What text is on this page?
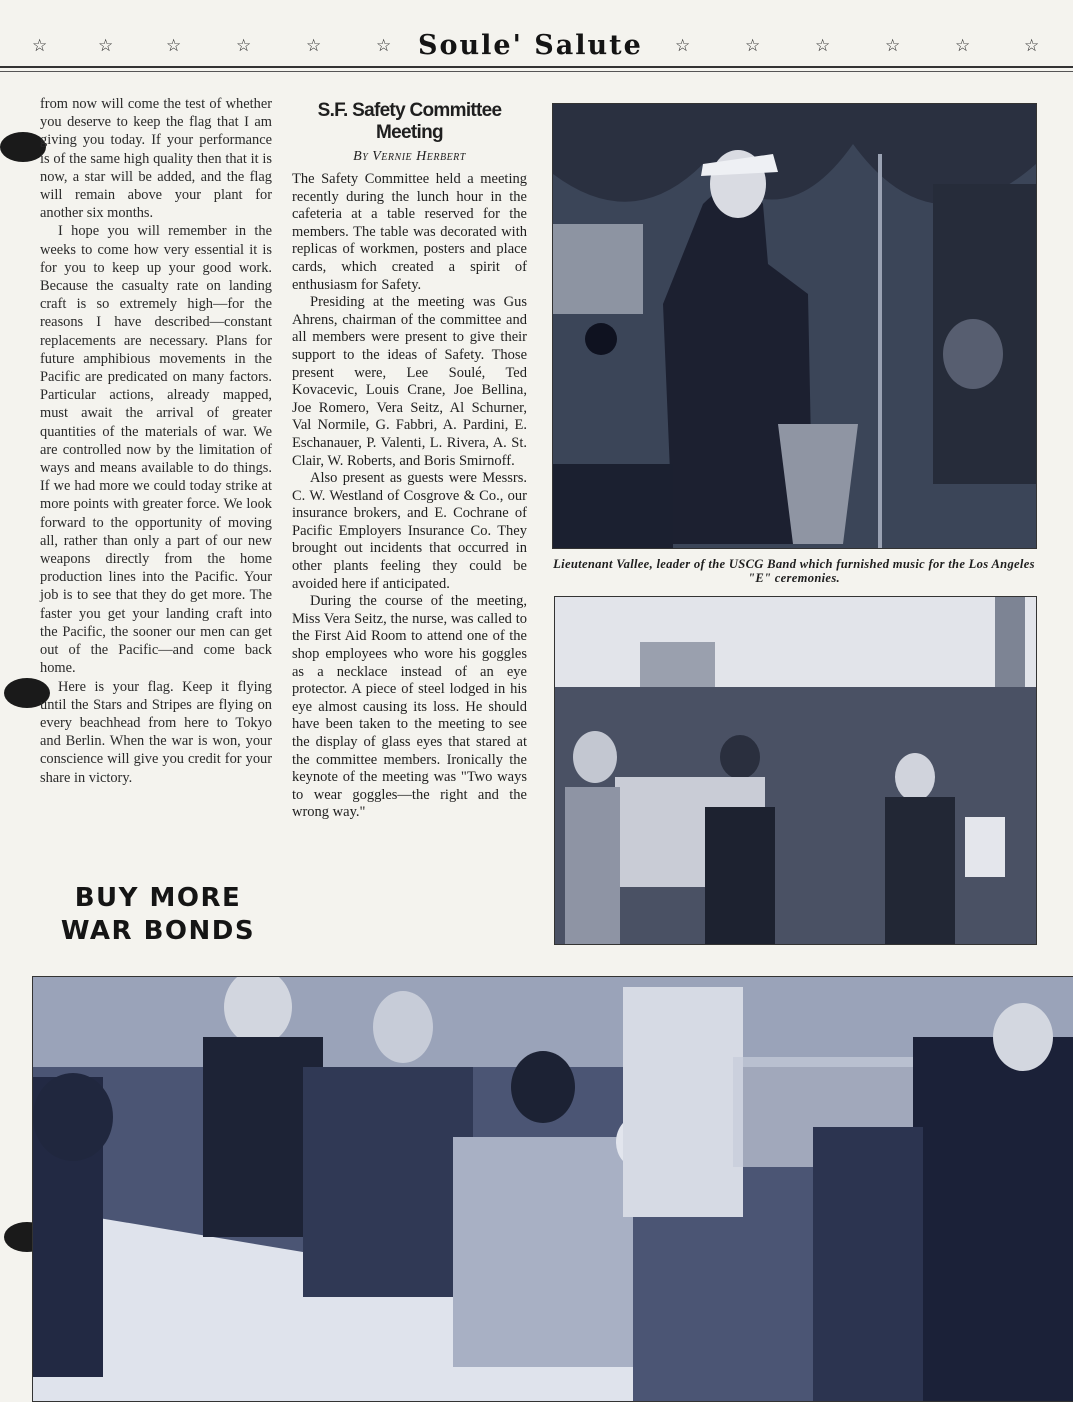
☆	☆	☆	☆	☆	☆ Soule' Salute	☆	☆	☆	☆	☆	☆

from now will come the test of whether you deserve to keep the flag that I am giving you today. If your performance is of the same high quality then that it is now, a star will be added, and the flag will remain above your plant for another six months.

I hope you will remember in the weeks to come how very essential it is for you to keep up your good work. Because the casualty rate on landing craft is so extremely high—for the reasons I have described—constant replacements are necessary. Plans for future amphibious movements in the Pacific are predicated on many factors. Particular actions, already mapped, must await the arrival of greater quantities of the materials of war. We are controlled now by the limitation of ways and means available to do things. If we had more we could today strike at more points with greater force. We look forward to the opportunity of moving all, rather than only a part of our new weapons directly from the home production lines into the Pacific. Your job is to see that they do get more. The faster you get your landing craft into the Pacific, the sooner our men can get out of the Pacific—and come back home.

Here is your flag. Keep it flying until the Stars and Stripes are flying on every beachhead from here to Tokyo and Berlin. When the war is won, your conscience will give you credit for your share in victory.

BUY MORE
WAR BONDS
S.F. Safety Committee Meeting
By Vernie Herbert

The Safety Committee held a meeting recently during the lunch hour in the cafeteria at a table reserved for the members. The table was decorated with replicas of workmen, posters and place cards, which created a spirit of enthusiasm for Safety.

Presiding at the meeting was Gus Ahrens, chairman of the committee and all members were present to give their support to the ideas of Safety. Those present were, Lee Soulé, Ted Kovacevic, Louis Crane, Joe Bellina, Joe Romero, Vera Seitz, Al Schurner, Val Normile, G. Fabbri, A. Pardini, E. Eschanauer, P. Valenti, L. Rivera, A. St. Clair, W. Roberts, and Boris Smirnoff.

Also present as guests were Messrs. C. W. Westland of Cosgrove & Co., our insurance brokers, and E. Cochrane of Pacific Employers Insurance Co. They brought out incidents that occurred in other plants feeling they could be avoided here if anticipated.

During the course of the meeting, Miss Vera Seitz, the nurse, was called to the First Aid Room to attend one of the shop employees who wore his goggles as a necklace instead of an eye protector. A piece of steel lodged in his eye almost causing its loss. He should have been taken to the meeting to see the display of glass eyes that stared at the committee members. Ironically the keynote of the meeting was "Two ways to wear goggles—the right and the wrong way."

Lieutenant Vallee, leader of the USCG Band which furnished music for the Los Angeles "E" ceremonies.
